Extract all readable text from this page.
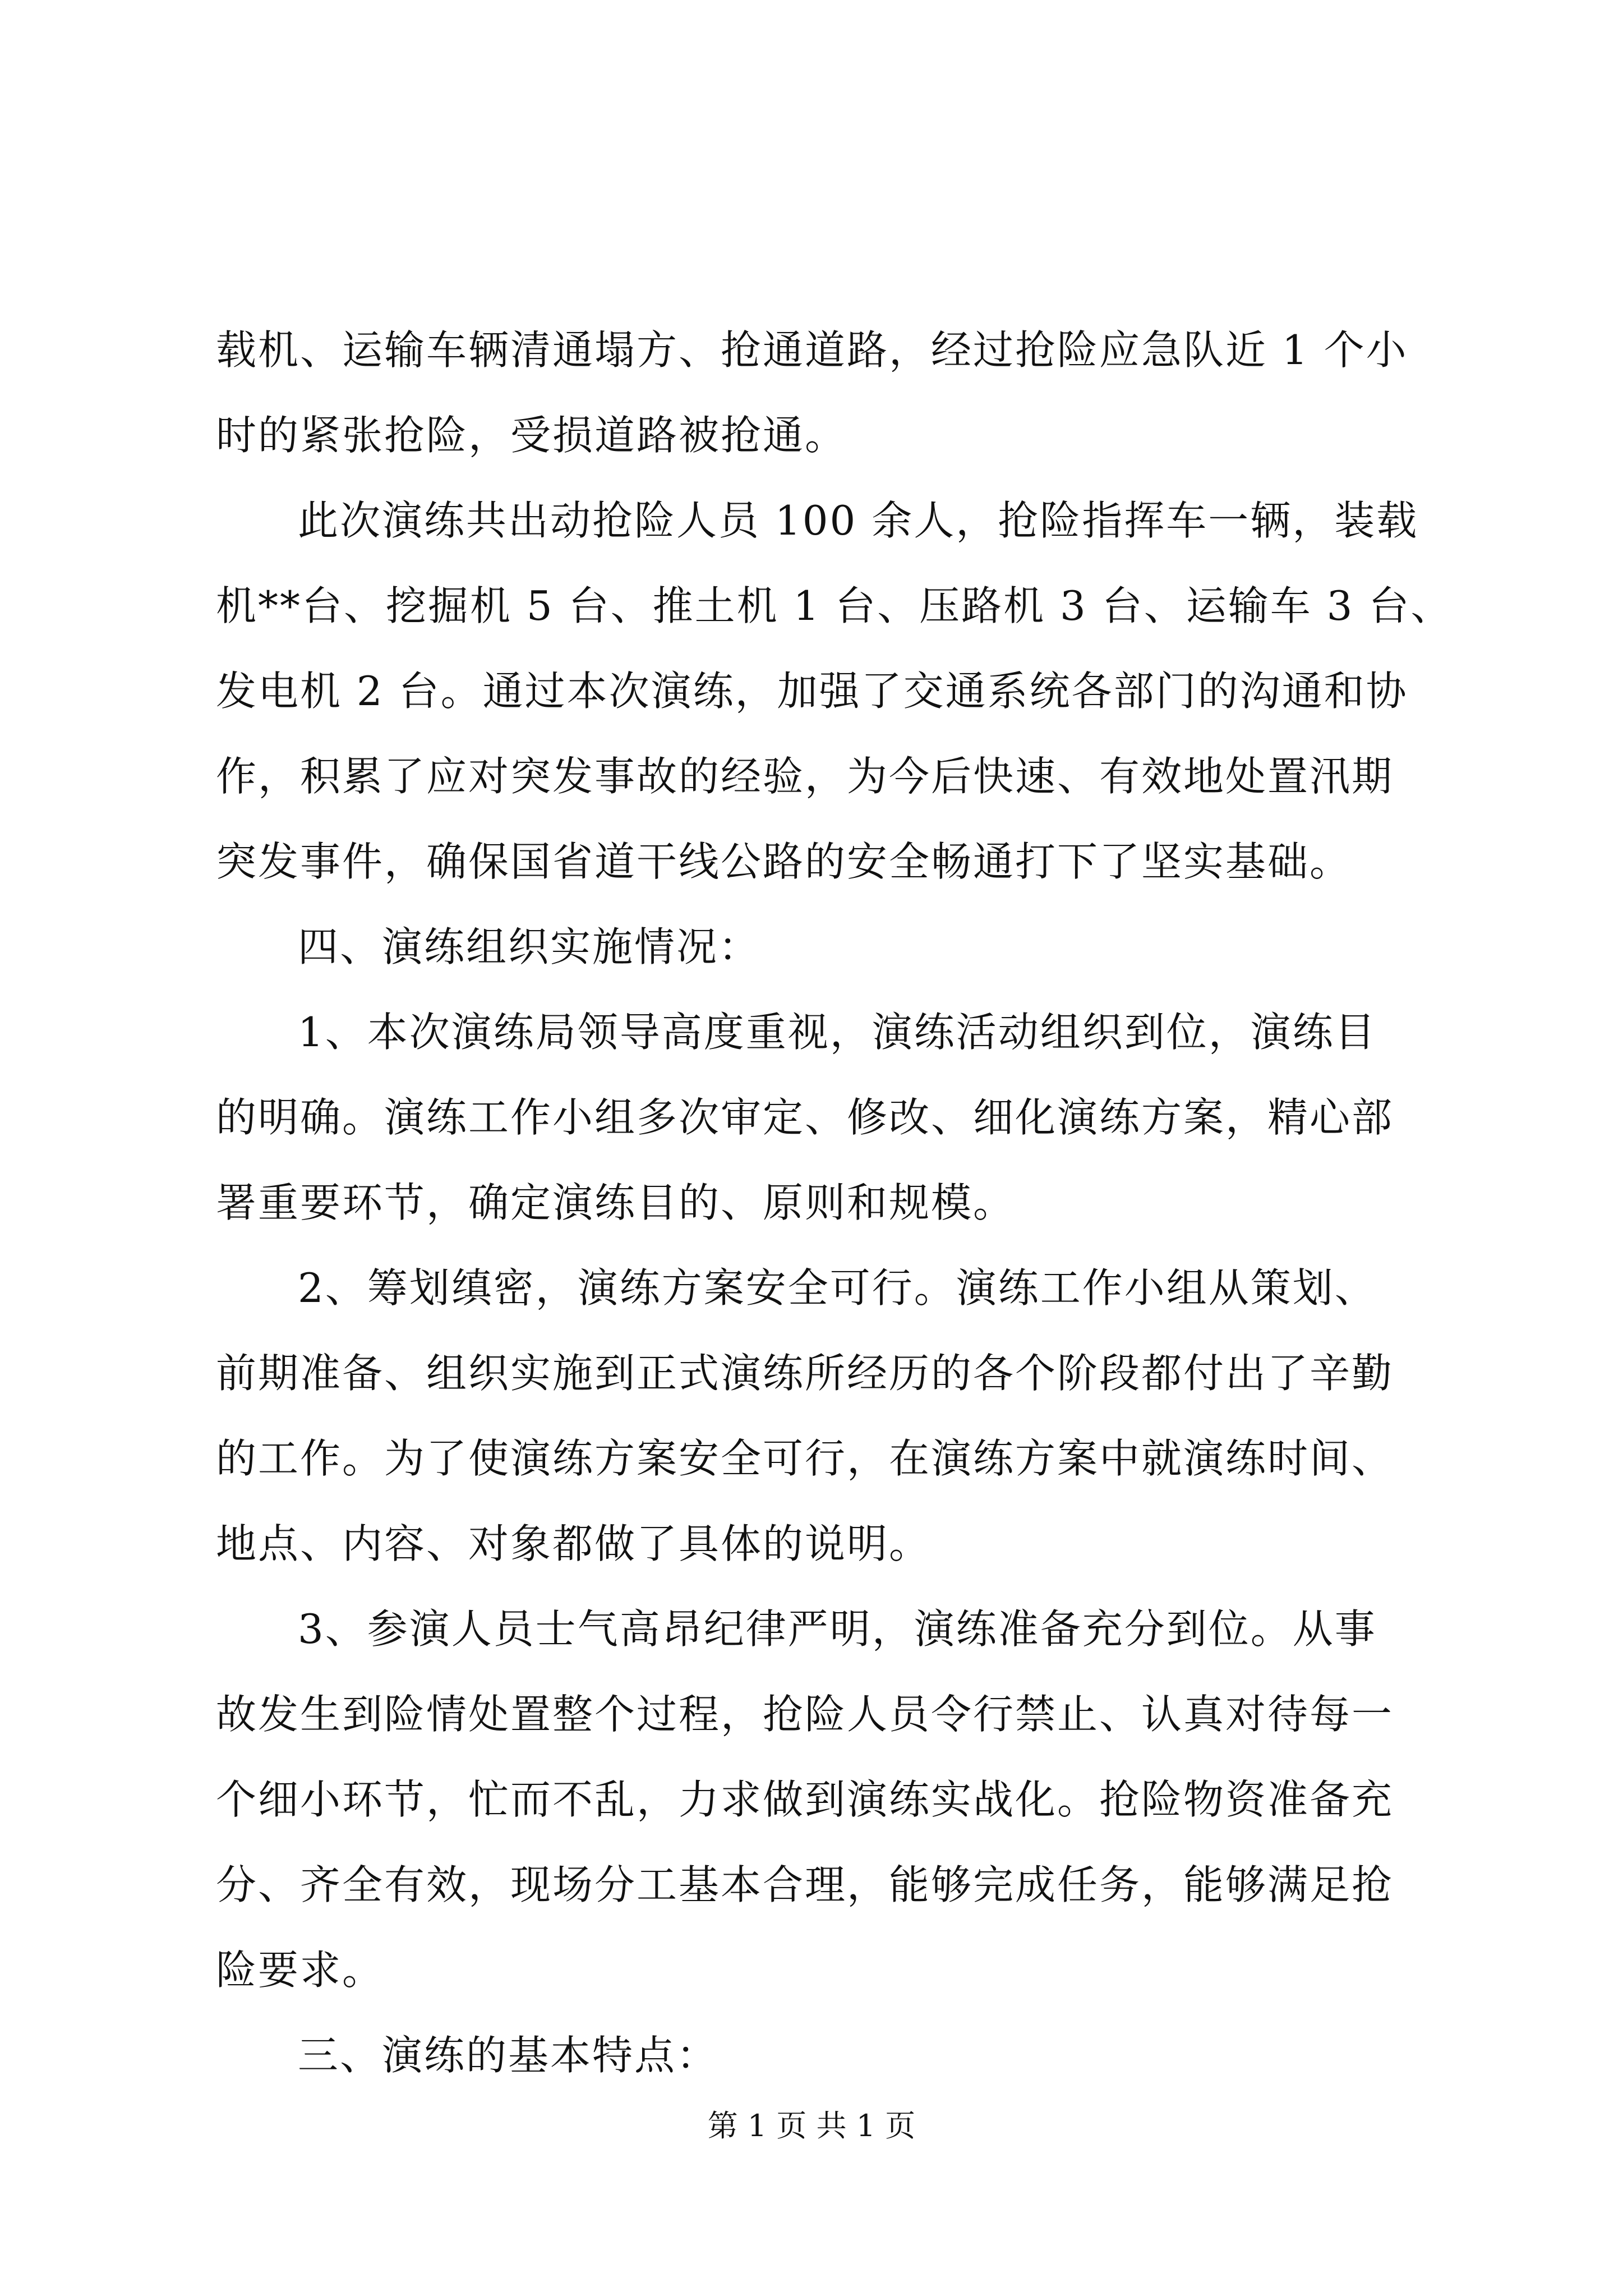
载机、运输车辆清通塌方、抢通道路，经过抢险应急队近 1 个小
时的紧张抢险，受损道路被抢通。
此次演练共出动抢险人员 100 余人，抢险指挥车一辆，装载
机**台、挖掘机 5 台、推土机 1 台、压路机 3 台、运输车 3 台、
发电机 2 台。通过本次演练，加强了交通系统各部门的沟通和协
作，积累了应对突发事故的经验，为今后快速、有效地处置汛期
突发事件，确保国省道干线公路的安全畅通打下了坚实基础。
四、演练组织实施情况：
1、本次演练局领导高度重视，演练活动组织到位，演练目
的明确。演练工作小组多次审定、修改、细化演练方案，精心部
署重要环节，确定演练目的、原则和规模。
2、筹划缜密，演练方案安全可行。演练工作小组从策划、
前期准备、组织实施到正式演练所经历的各个阶段都付出了辛勤
的工作。为了使演练方案安全可行，在演练方案中就演练时间、
地点、内容、对象都做了具体的说明。
3、参演人员士气高昂纪律严明，演练准备充分到位。从事
故发生到险情处置整个过程，抢险人员令行禁止、认真对待每一
个细小环节，忙而不乱，力求做到演练实战化。抢险物资准备充
分、齐全有效，现场分工基本合理，能够完成任务，能够满足抢
险要求。
三、演练的基本特点：
第 1 页 共 1 页
